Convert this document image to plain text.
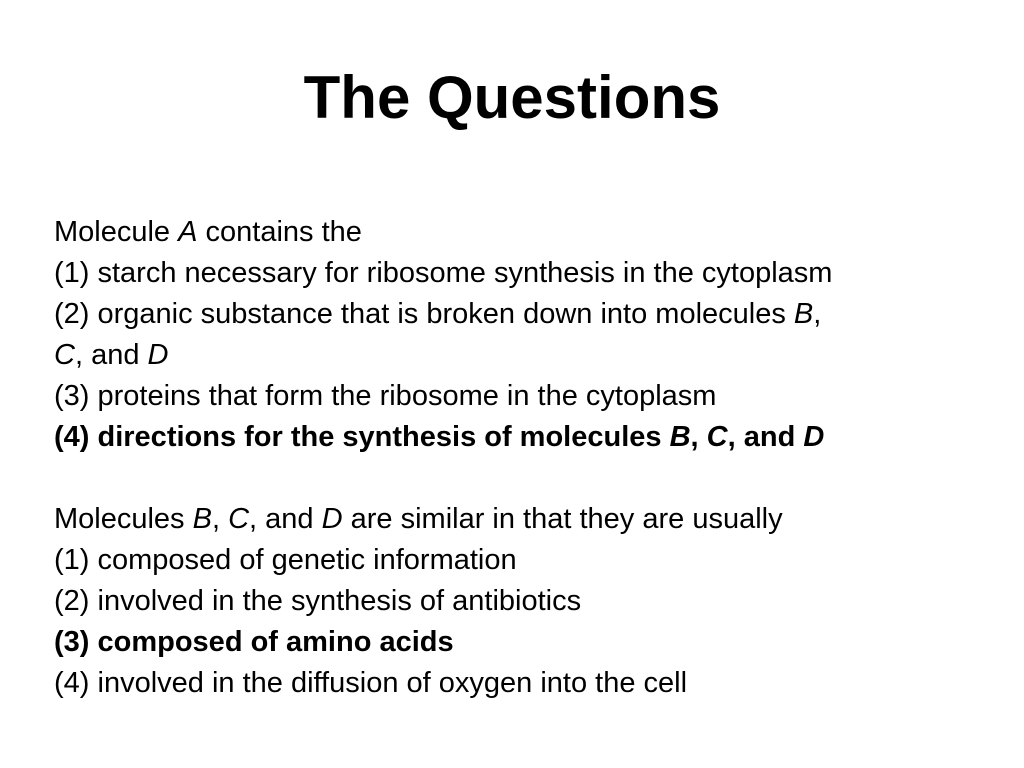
The Questions
Molecule A contains the
(1) starch necessary for ribosome synthesis in the cytoplasm
(2) organic substance that is broken down into molecules B,
C, and D
(3) proteins that form the ribosome in the cytoplasm
(4) directions for the synthesis of molecules B, C, and D
Molecules B, C, and D are similar in that they are usually
(1) composed of genetic information
(2) involved in the synthesis of antibiotics
(3) composed of amino acids
(4) involved in the diffusion of oxygen into the cell
